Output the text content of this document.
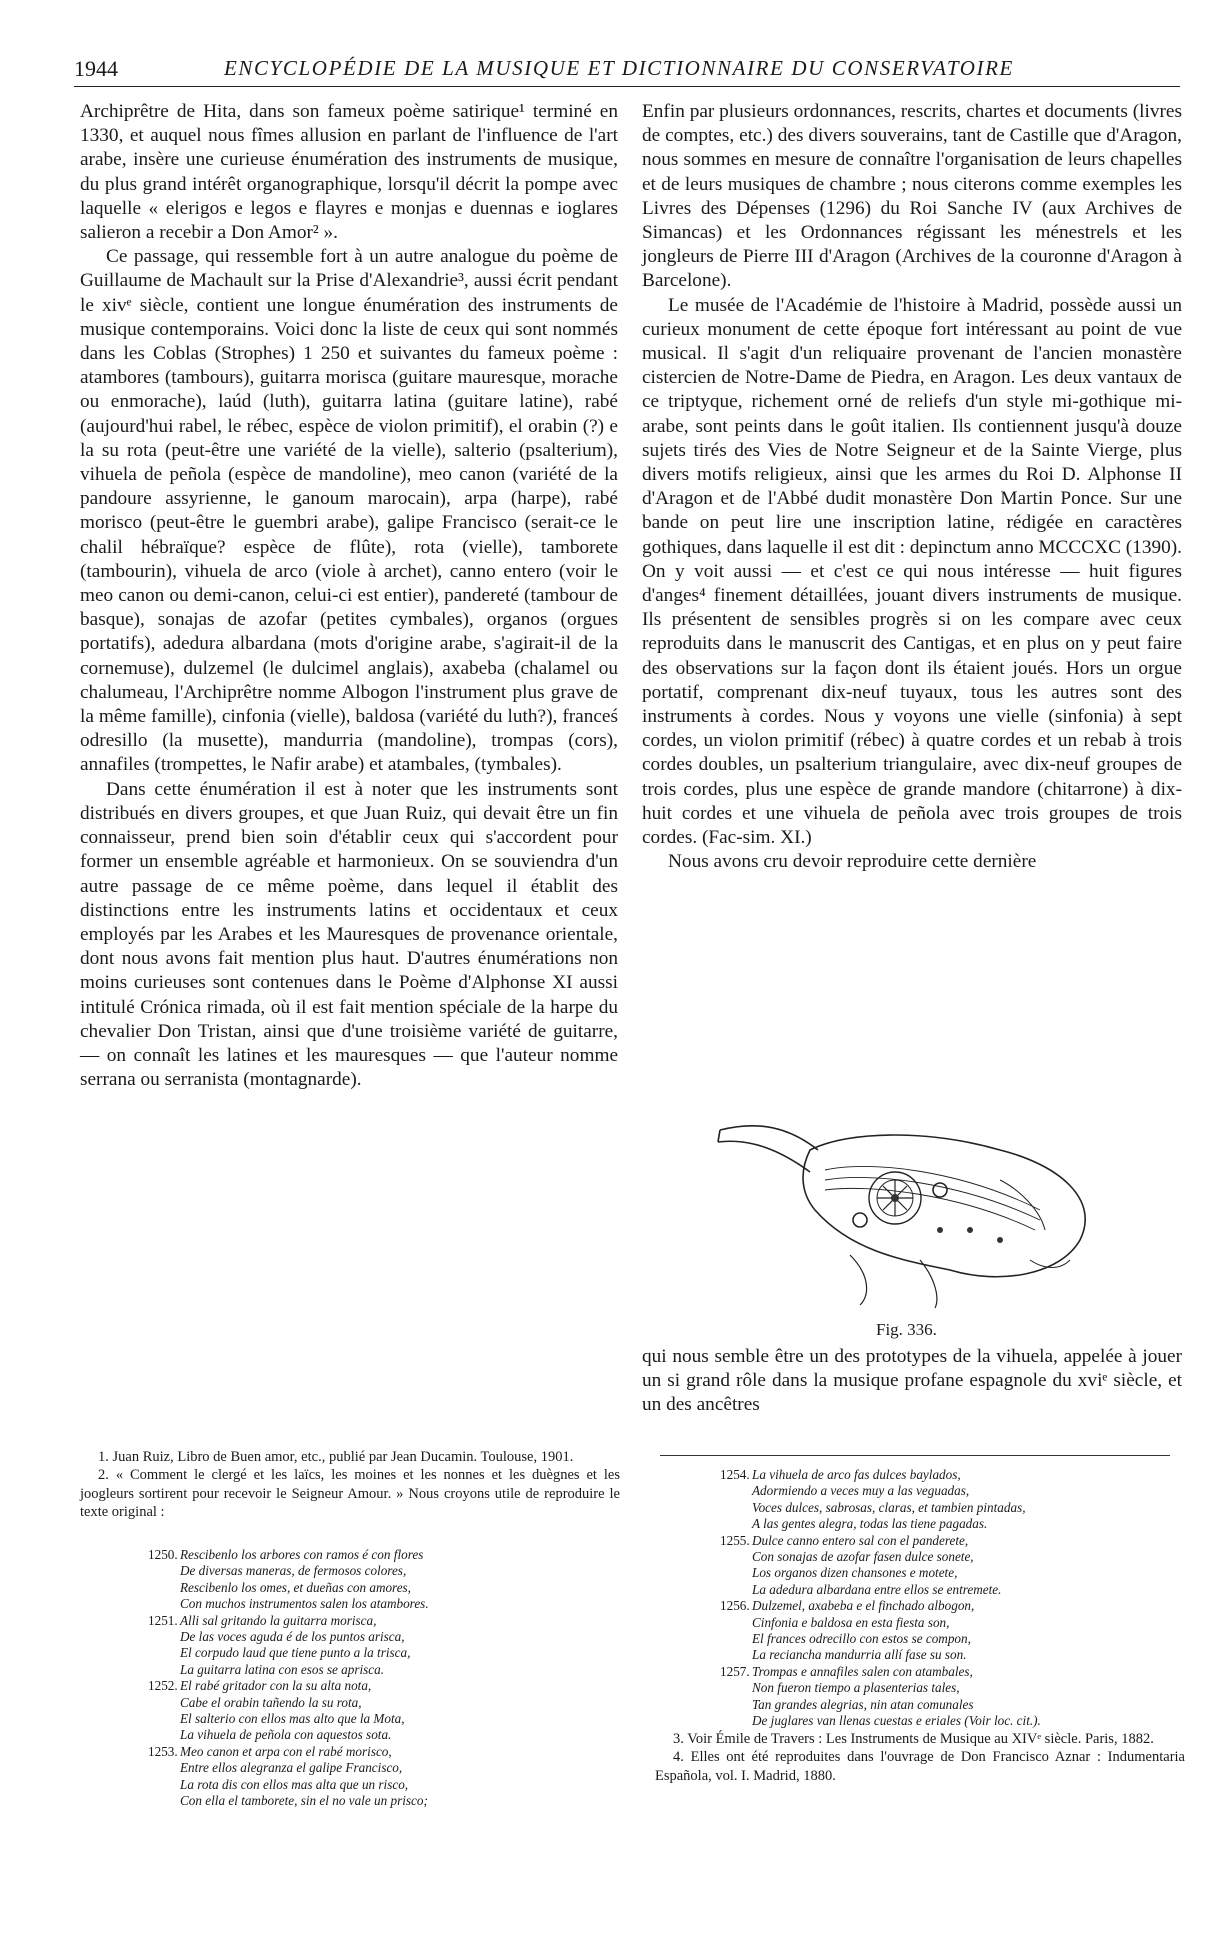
1944	ENCYCLOPÉDIE DE LA MUSIQUE ET DICTIONNAIRE DU CONSERVATOIRE

Archiprêtre de Hita, dans son fameux poème satirique¹ terminé en 1330, et auquel nous fîmes allusion en parlant de l'influence de l'art arabe, insère une curieuse énumération des instruments de musique, du plus grand intérêt organographique, lorsqu'il décrit la pompe avec laquelle « elerigos e legos e flayres e monjas e duennas e ioglares salieron a recebir a Don Amor² ».

Ce passage, qui ressemble fort à un autre analogue du poème de Guillaume de Machault sur la Prise d'Alexandrie³, aussi écrit pendant le xivᵉ siècle, contient une longue énumération des instruments de musique contemporains. Voici donc la liste de ceux qui sont nommés dans les Coblas (Strophes) 1 250 et suivantes du fameux poème : atambores (tambours), guitarra morisca (guitare mauresque, morache ou enmorache), laúd (luth), guitarra latina (guitare latine), rabé (aujourd'hui rabel, le rébec, espèce de violon primitif), el orabin (?) e la su rota (peut-être une variété de la vielle), salterio (psalterium), vihuela de peñola (espèce de mandoline), meo canon (variété de la pandoure assyrienne, le ganoum marocain), arpa (harpe), rabé morisco (peut-être le guembri arabe), galipe Francisco (serait-ce le chalil hébraïque? espèce de flûte), rota (vielle), tamborete (tambourin), vihuela de arco (viole à archet), canno entero (voir le meo canon ou demi-canon, celui-ci est entier), pandereté (tambour de basque), sonajas de azofar (petites cymbales), organos (orgues portatifs), adedura albardana (mots d'origine arabe, s'agirait-il de la cornemuse), dulzemel (le dulcimel anglais), axabeba (chalamel ou chalumeau, l'Archiprêtre nomme Albogon l'instrument plus grave de la même famille), cinfonia (vielle), baldosa (variété du luth?), franceś odresillo (la musette), mandurria (mandoline), trompas (cors), annafiles (trompettes, le Nafir arabe) et atambales, (tymbales).

Dans cette énumération il est à noter que les instruments sont distribués en divers groupes, et que Juan Ruiz, qui devait être un fin connaisseur, prend bien soin d'établir ceux qui s'accordent pour former un ensemble agréable et harmonieux. On se souviendra d'un autre passage de ce même poème, dans lequel il établit des distinctions entre les instruments latins et occidentaux et ceux employés par les Arabes et les Mauresques de provenance orientale, dont nous avons fait mention plus haut. D'autres énumérations non moins curieuses sont contenues dans le Poème d'Alphonse XI aussi intitulé Crónica rimada, où il est fait mention spéciale de la harpe du chevalier Don Tristan, ainsi que d'une troisième variété de guitarre, — on connaît les latines et les mauresques — que l'auteur nomme serrana ou serranista (montagnarde).

Enfin par plusieurs ordonnances, rescrits, chartes et documents (livres de comptes, etc.) des divers souverains, tant de Castille que d'Aragon, nous sommes en mesure de connaître l'organisation de leurs chapelles et de leurs musiques de chambre ; nous citerons comme exemples les Livres des Dépenses (1296) du Roi Sanche IV (aux Archives de Simancas) et les Ordonnances régissant les ménestrels et les jongleurs de Pierre III d'Aragon (Archives de la couronne d'Aragon à Barcelone).

Le musée de l'Académie de l'histoire à Madrid, possède aussi un curieux monument de cette époque fort intéressant au point de vue musical. Il s'agit d'un reliquaire provenant de l'ancien monastère cistercien de Notre-Dame de Piedra, en Aragon. Les deux vantaux de ce triptyque, richement orné de reliefs d'un style mi-gothique mi-arabe, sont peints dans le goût italien. Ils contiennent jusqu'à douze sujets tirés des Vies de Notre Seigneur et de la Sainte Vierge, plus divers motifs religieux, ainsi que les armes du Roi D. Alphonse II d'Aragon et de l'Abbé dudit monastère Don Martin Ponce. Sur une bande on peut lire une inscription latine, rédigée en caractères gothiques, dans laquelle il est dit : depinctum anno MCCCXC (1390). On y voit aussi — et c'est ce qui nous intéresse — huit figures d'anges⁴ finement détaillées, jouant divers instruments de musique. Ils présentent de sensibles progrès si on les compare avec ceux reproduits dans le manuscrit des Cantigas, et en plus on y peut faire des observations sur la façon dont ils étaient joués. Hors un orgue portatif, comprenant dix-neuf tuyaux, tous les autres sont des instruments à cordes. Nous y voyons une vielle (sinfonia) à sept cordes, un violon primitif (rébec) à quatre cordes et un rebab à trois cordes doubles, un psalterium triangulaire, avec dix-neuf groupes de trois cordes, plus une espèce de grande mandore (chitarrone) à dix-huit cordes et une vihuela de peñola avec trois groupes de trois cordes. (Fac-sim. XI.)

Nous avons cru devoir reproduire cette dernière

Fig. 336.

qui nous semble être un des prototypes de la vihuela, appelée à jouer un si grand rôle dans la musique profane espagnole du xviᵉ siècle, et un des ancêtres

1. Juan Ruiz, Libro de Buen amor, etc., publié par Jean Ducamin. Toulouse, 1901.

2. « Comment le clergé et les laïcs, les moines et les nonnes et les duègnes et les joogleurs sortirent pour recevoir le Seigneur Amour. » Nous croyons utile de reproduire le texte original :

1250. Rescibenlo los arbores con ramos é con flores
De diversas maneras, de fermosos colores,
Rescibenlo los omes, et dueñas con amores,
Con muchos instrumentos salen los atambores.
1251. Alli sal gritando la guitarra morisca,
De las voces aguda é de los puntos arisca,
El corpudo laud que tiene punto a la trisca,
La guitarra latina con esos se aprisca.
1252. El rabé gritador con la su alta nota,
Cabe el orabin tañendo la su rota,
El salterio con ellos mas alto que la Mota,
La vihuela de peñola con aquestos sota.
1253. Meo canon et arpa con el rabé morisco,
Entre ellos alegranza el galipe Francisco,
La rota dis con ellos mas alta que un risco,
Con ella el tamborete, sin el no vale un prisco;
1254. La vihuela de arco fas dulces baylados,
Adormiendo a veces muy a las veguadas,
Voces dulces, sabrosas, claras, et tambien pintadas,
A las gentes alegra, todas las tiene pagadas.
1255. Dulce canno entero sal con el panderete,
Con sonajas de azofar fasen dulce sonete,
Los organos dizen chansones e motete,
La adedura albardana entre ellos se entremete.
1256. Dulzemel, axabeba e el finchado albogon,
Cinfonia e baldosa en esta fiesta son,
El frances odrecillo con estos se compon,
La reciancha mandurria allí fase su son.
1257. Trompas e annafiles salen con atambales,
Non fueron tiempo a plasenterias tales,
Tan grandes alegrias, nin atan comunales
De juglares van llenas cuestas e eriales (Voir loc. cit.).

3. Voir Émile de Travers : Les Instruments de Musique au XIVᵉ siècle. Paris, 1882.

4. Elles ont été reproduites dans l'ouvrage de Don Francisco Aznar : Indumentaria Española, vol. I. Madrid, 1880.
